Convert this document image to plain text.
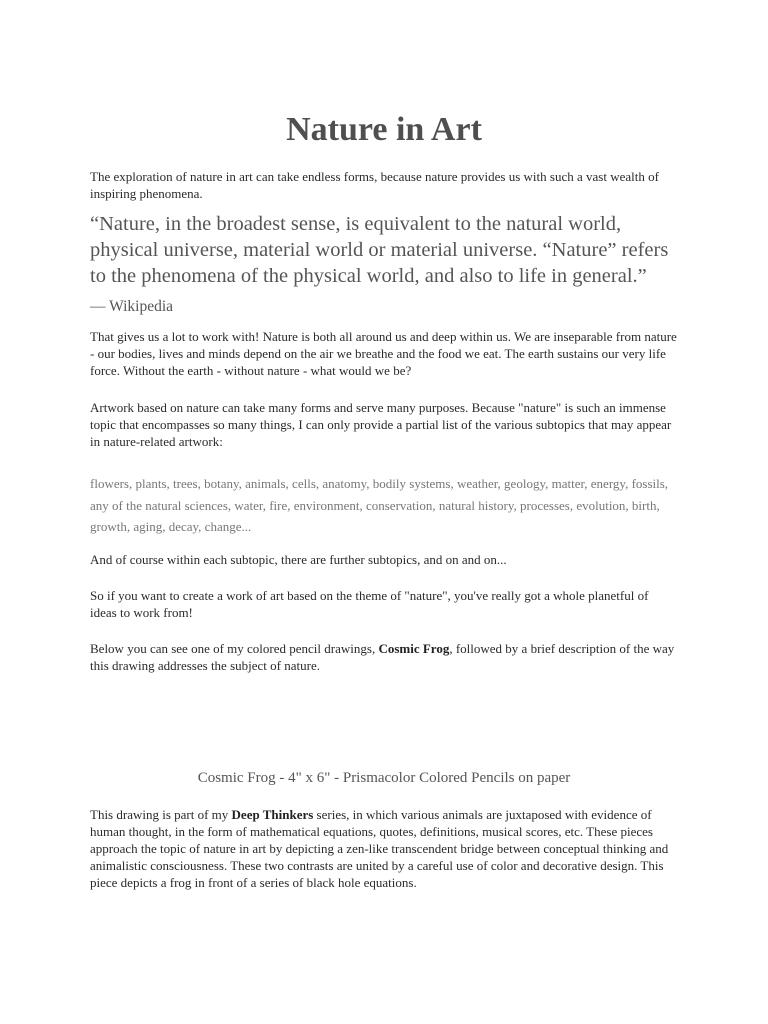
Nature in Art

The exploration of nature in art can take endless forms, because nature provides us with such a vast wealth of inspiring phenomena.

“Nature, in the broadest sense, is equivalent to the natural world, physical universe, material world or material universe. “Nature” refers to the phenomena of the physical world, and also to life in general.”

— Wikipedia

That gives us a lot to work with! Nature is both all around us and deep within us. We are inseparable from nature - our bodies, lives and minds depend on the air we breathe and the food we eat. The earth sustains our very life force. Without the earth - without nature - what would we be?

Artwork based on nature can take many forms and serve many purposes. Because "nature" is such an immense topic that encompasses so many things, I can only provide a partial list of the various subtopics that may appear in nature-related artwork:

flowers, plants, trees, botany, animals, cells, anatomy, bodily systems, weather, geology, matter, energy, fossils, any of the natural sciences, water, fire, environment, conservation, natural history, processes, evolution, birth, growth, aging, decay, change...

And of course within each subtopic, there are further subtopics, and on and on...

So if you want to create a work of art based on the theme of "nature", you've really got a whole planetful of ideas to work from!

Below you can see one of my colored pencil drawings, Cosmic Frog, followed by a brief description of the way this drawing addresses the subject of nature.

Cosmic Frog - 4" x 6" - Prismacolor Colored Pencils on paper

This drawing is part of my Deep Thinkers series, in which various animals are juxtaposed with evidence of human thought, in the form of mathematical equations, quotes, definitions, musical scores, etc. These pieces approach the topic of nature in art by depicting a zen-like transcendent bridge between conceptual thinking and animalistic consciousness. These two contrasts are united by a careful use of color and decorative design. This piece depicts a frog in front of a series of black hole equations.
